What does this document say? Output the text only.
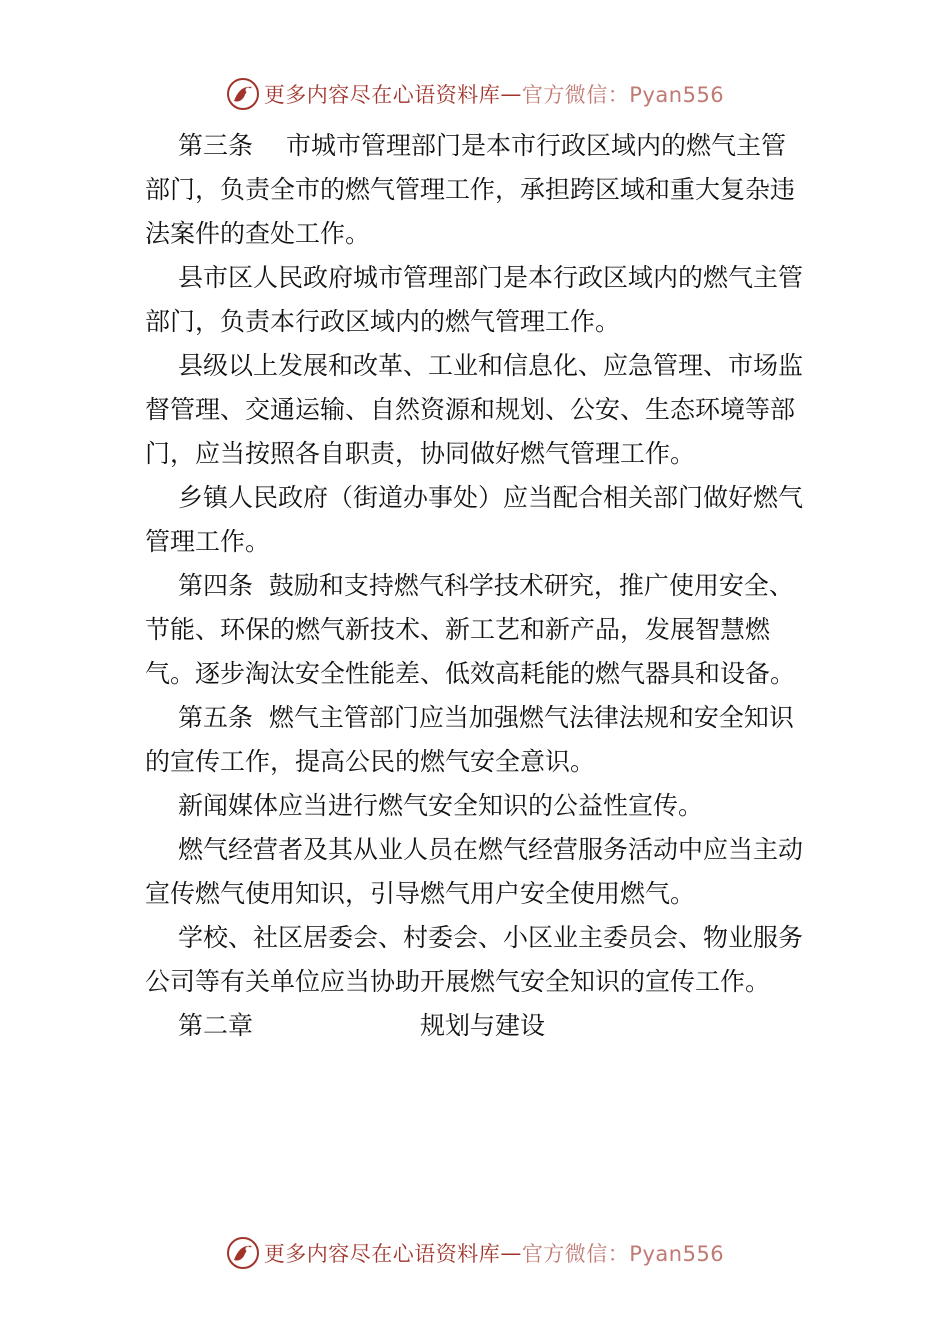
更多内容尽在心语资料库 — 官方微信：Pyan556

第三条　 市城市管理部门是本市行政区域内的燃气主管部门，负责全市的燃气管理工作，承担跨区域和重大复杂违法案件的查处工作。

县市区人民政府城市管理部门是本行政区域内的燃气主管部门，负责本行政区域内的燃气管理工作。

县级以上发展和改革、工业和信息化、应急管理、市场监督管理、交通运输、自然资源和规划、公安、生态环境等部门，应当按照各自职责，协同做好燃气管理工作。

乡镇人民政府（街道办事处）应当配合相关部门做好燃气管理工作。

第四条  鼓励和支持燃气科学技术研究，推广使用安全、节能、环保的燃气新技术、新工艺和新产品，发展智慧燃气。逐步淘汰安全性能差、低效高耗能的燃气器具和设备。

第五条  燃气主管部门应当加强燃气法律法规和安全知识的宣传工作，提高公民的燃气安全意识。

新闻媒体应当进行燃气安全知识的公益性宣传。

燃气经营者及其从业人员在燃气经营服务活动中应当主动宣传燃气使用知识，引导燃气用户安全使用燃气。

学校、社区居委会、村委会、小区业主委员会、物业服务公司等有关单位应当协助开展燃气安全知识的宣传工作。

第二章	规划与建设
更多内容尽在心语资料库 — 官方微信：Pyan556
